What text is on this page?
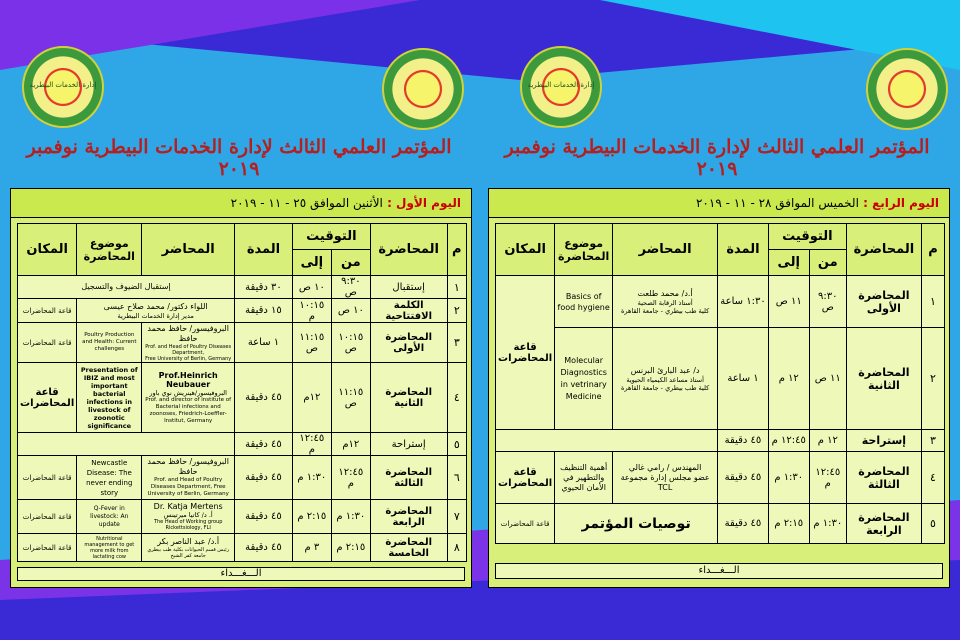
إدارة الخدمات البيطرية	إدارة الخدمات البيطرية
المؤتمر العلمي الثالث لإدارة الخدمات البيطرية نوفمبر ٢٠١٩
المؤتمر العلمي الثالث لإدارة الخدمات البيطرية نوفمبر ٢٠١٩
اليوم الرابع : الخميس الموافق ٢٨ - ١١ - ٢٠١٩
م	المحاضرة	التوقيت		المدة	المحاضر	موضوع المحاضرة	المكان
		من	إلى				
١	المحاضرة الأولى	٩:٣٠ ص	١١ ص	١:٣٠ ساعة	أ.د/ محمد طلعت
أستاذ الرقابة الصحية
كلية طب بيطري - جامعة القاهرة	Basics of food hygiene	قاعة المحاضرات
٢	المحاضرة الثانية	١١ ص	١٢ م	١ ساعة	د/ عبد البارئ البرنس
أستاذ مساعد الكيمياء الحيوية
كلية طب بيطري - جامعة القاهرة	Molecular Diagnostics in vetrinary Medicine	
٣	إستراحة	١٢ م	١٢:٤٥ م	٤٥ دقيقة			
٤	المحاضرة الثالثة	١٢:٤٥ م	١:٣٠ م	٤٥ دقيقة	المهندس / رامي غالي
عضو مجلس إدارة مجموعة TCL	أهمية التنظيف والتطهير في الأمان الحيوي	قاعة المحاضرات
٥	المحاضرة الرابعة	١:٣٠ م	٢:١٥ م	٤٥ دقيقة	توصيات المؤتمر		قاعة المحاضرات
الـــغـــداء
اليوم الأول : الأثنين الموافق ٢٥ - ١١ - ٢٠١٩
م	المحاضرة	التوقيت		المدة	المحاضر	موضوع المحاضرة	المكان
		من	إلى				
١	إستقبال	٩:٣٠ ص	١٠ ص	٣٠ دقيقة	إستقبال الضيوف والتسجيل		
٢	الكلمة الافتتاحية	١٠ ص	١٠:١٥ م	١٥ دقيقة	اللواء دكتور/ محمد صلاح عيسى
مدير إدارة الخدمات البيطرية		قاعة المحاضرات
٣	المحاضرة الأولى	١٠:١٥ ص	١١:١٥ ص	١ ساعة	البروفيسور/ حافظ محمد حافظ
Prof. and Head of Poultry Diseases Department,
Free University of Berlin, Germany	Poultry Production and Health: Current challenges	قاعة المحاضرات
٤	المحاضرة الثانية	١١:١٥ ص	١٢م	٤٥ دقيقة	Prof.Heinrich Neubauer
البروفيسور/هينريش نوي باور
Prof. and director of institute of Bacterial infections and zoonoses, Friedrich-Loeffler-Institut, Germany	Presentation of IBIZ and most important bacterial infections in livestock of zoonotic significance	قاعة المحاضرات
٥	إستراحة	١٢م	١٢:٤٥ م	٤٥ دقيقة			
٦	المحاضرة الثالثة	١٢:٤٥ م	١:٣٠ م	٤٥ دقيقة	البروفيسور/ حافظ محمد حافظ
Prof. and Head of Poultry Diseases Department, Free University of Berlin, Germany	Newcastle Disease: The never ending story	قاعة المحاضرات
٧	المحاضرة الرابعة	١:٣٠ م	٢:١٥ م	٤٥ دقيقة	Dr. Katja Mertens
أ. د/ كاتيا ميرتينس
The Head of Working group Rickettsiology, FLI	Q-Fever in livestock: An update	قاعة المحاضرات
٨	المحاضرة الخامسة	٢:١٥ م	٣ م	٤٥ دقيقة	أ.د/ عبد الناصر بكر
رئيس قسم الحيوانات بكلية طب بيطري جامعة كفر الشيخ	Nutritional management to get more milk from lactating cow	قاعة المحاضرات
الـــغـــداء
